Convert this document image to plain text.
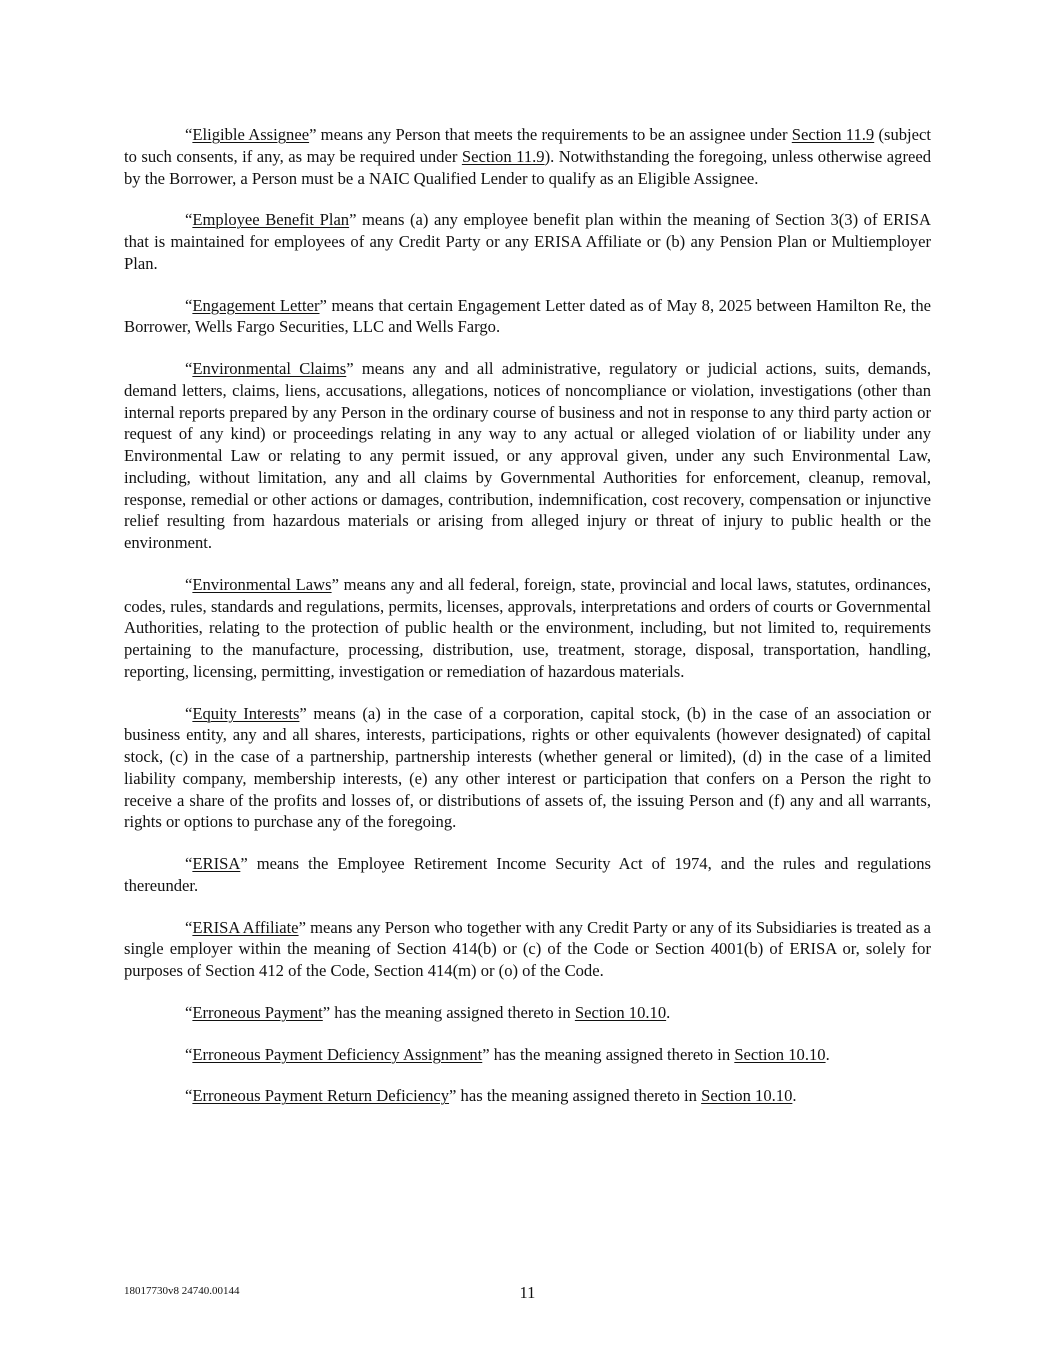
“Eligible Assignee” means any Person that meets the requirements to be an assignee under Section 11.9 (subject to such consents, if any, as may be required under Section 11.9). Notwithstanding the foregoing, unless otherwise agreed by the Borrower, a Person must be a NAIC Qualified Lender to qualify as an Eligible Assignee.

“Employee Benefit Plan” means (a) any employee benefit plan within the meaning of Section 3(3) of ERISA that is maintained for employees of any Credit Party or any ERISA Affiliate or (b) any Pension Plan or Multiemployer Plan.

“Engagement Letter” means that certain Engagement Letter dated as of May 8, 2025 between Hamilton Re, the Borrower, Wells Fargo Securities, LLC and Wells Fargo.

“Environmental Claims” means any and all administrative, regulatory or judicial actions, suits, demands, demand letters, claims, liens, accusations, allegations, notices of noncompliance or violation, investigations (other than internal reports prepared by any Person in the ordinary course of business and not in response to any third party action or request of any kind) or proceedings relating in any way to any actual or alleged violation of or liability under any Environmental Law or relating to any permit issued, or any approval given, under any such Environmental Law, including, without limitation, any and all claims by Governmental Authorities for enforcement, cleanup, removal, response, remedial or other actions or damages, contribution, indemnification, cost recovery, compensation or injunctive relief resulting from hazardous materials or arising from alleged injury or threat of injury to public health or the environment.

“Environmental Laws” means any and all federal, foreign, state, provincial and local laws, statutes, ordinances, codes, rules, standards and regulations, permits, licenses, approvals, interpretations and orders of courts or Governmental Authorities, relating to the protection of public health or the environment, including, but not limited to, requirements pertaining to the manufacture, processing, distribution, use, treatment, storage, disposal, transportation, handling, reporting, licensing, permitting, investigation or remediation of hazardous materials.

“Equity Interests” means (a) in the case of a corporation, capital stock, (b) in the case of an association or business entity, any and all shares, interests, participations, rights or other equivalents (however designated) of capital stock, (c) in the case of a partnership, partnership interests (whether general or limited), (d) in the case of a limited liability company, membership interests, (e) any other interest or participation that confers on a Person the right to receive a share of the profits and losses of, or distributions of assets of, the issuing Person and (f) any and all warrants, rights or options to purchase any of the foregoing.

“ERISA” means the Employee Retirement Income Security Act of 1974, and the rules and regulations thereunder.

“ERISA Affiliate” means any Person who together with any Credit Party or any of its Subsidiaries is treated as a single employer within the meaning of Section 414(b) or (c) of the Code or Section 4001(b) of ERISA or, solely for purposes of Section 412 of the Code, Section 414(m) or (o) of the Code.

“Erroneous Payment” has the meaning assigned thereto in Section 10.10.

“Erroneous Payment Deficiency Assignment” has the meaning assigned thereto in Section 10.10.

“Erroneous Payment Return Deficiency” has the meaning assigned thereto in Section 10.10.

18017730v8 24740.00144	11
